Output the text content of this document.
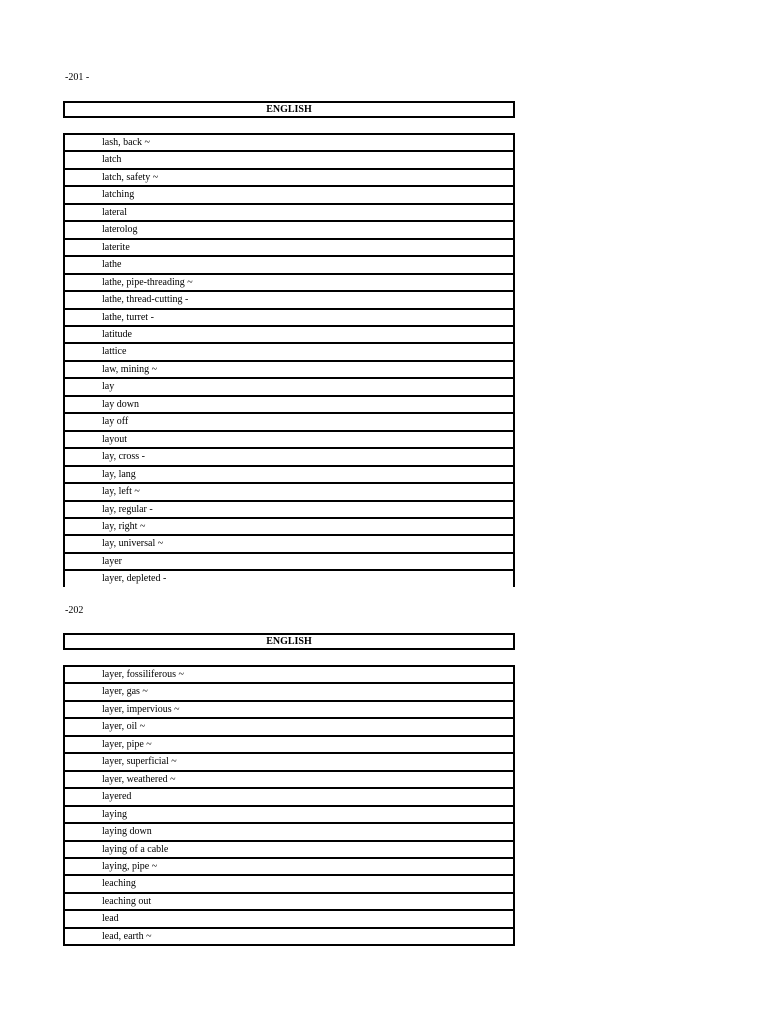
-201 -
ENGLISH
lash, back ~
latch
latch, safety ~
latching
lateral
laterolog
laterite
lathe
lathe, pipe-threading ~
lathe, thread-cutting -
lathe, turret -
latitude
lattice
law, mining ~
lay
lay down
lay off
layout
lay, cross -
lay, lang
lay, left ~
lay, regular -
lay, right ~
lay, universal ~
layer
layer, depleted -
-202
ENGLISH
layer, fossiliferous ~
layer, gas ~
layer, impervious ~
layer, oil ~
layer, pipe ~
layer, superficial ~
layer, weathered ~
layered
laying
laying down
laying of a cable
laying, pipe ~
leaching
leaching out
lead
lead, earth ~
